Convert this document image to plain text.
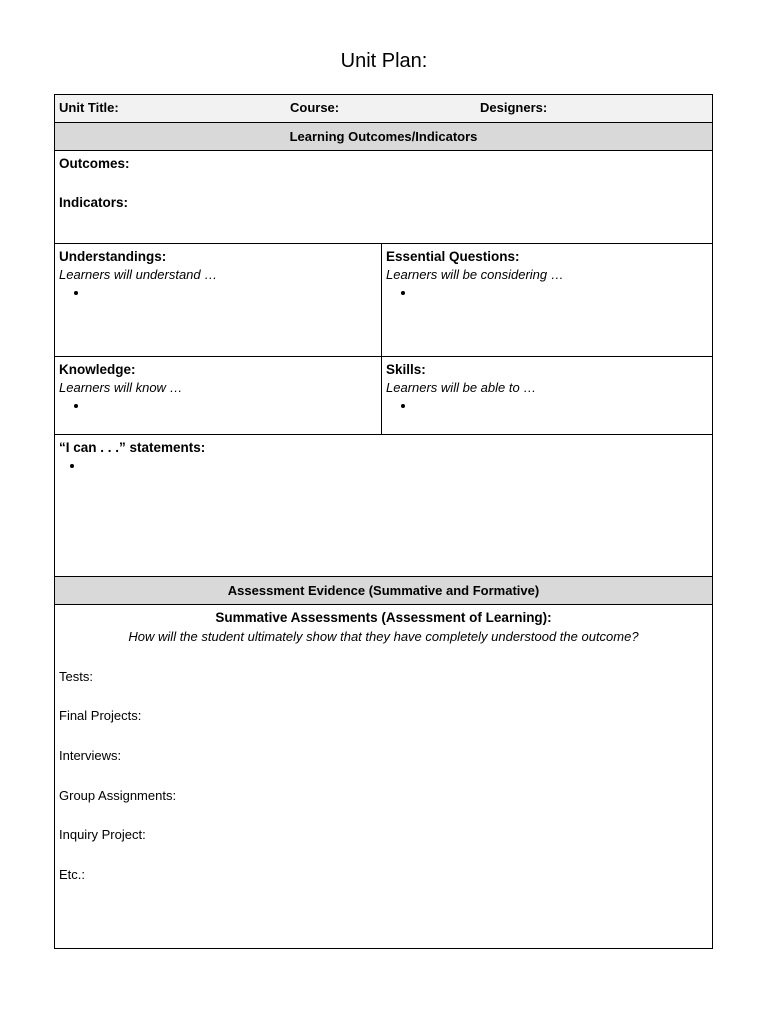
Unit Plan:
Unit Title:	Course:	Designers:
$_{Learning Outcomes/Indicators}$
Outcomes:
Indicators:
Understandings:
Learners will understand …
•
Essential Questions:
Learners will be considering …
•
Knowledge:
Learners will know …
•
Skills:
Learners will be able to …
•
“I can . . .” statements:
•
$_{Assessment Evidence (Summative and Formative)}$
Summative Assessments (Assessment of Learning):
How will the student ultimately show that they have completely understood the outcome?
Tests:
Final Projects:
Interviews:
Group Assignments:
Inquiry Project:
Etc.:
